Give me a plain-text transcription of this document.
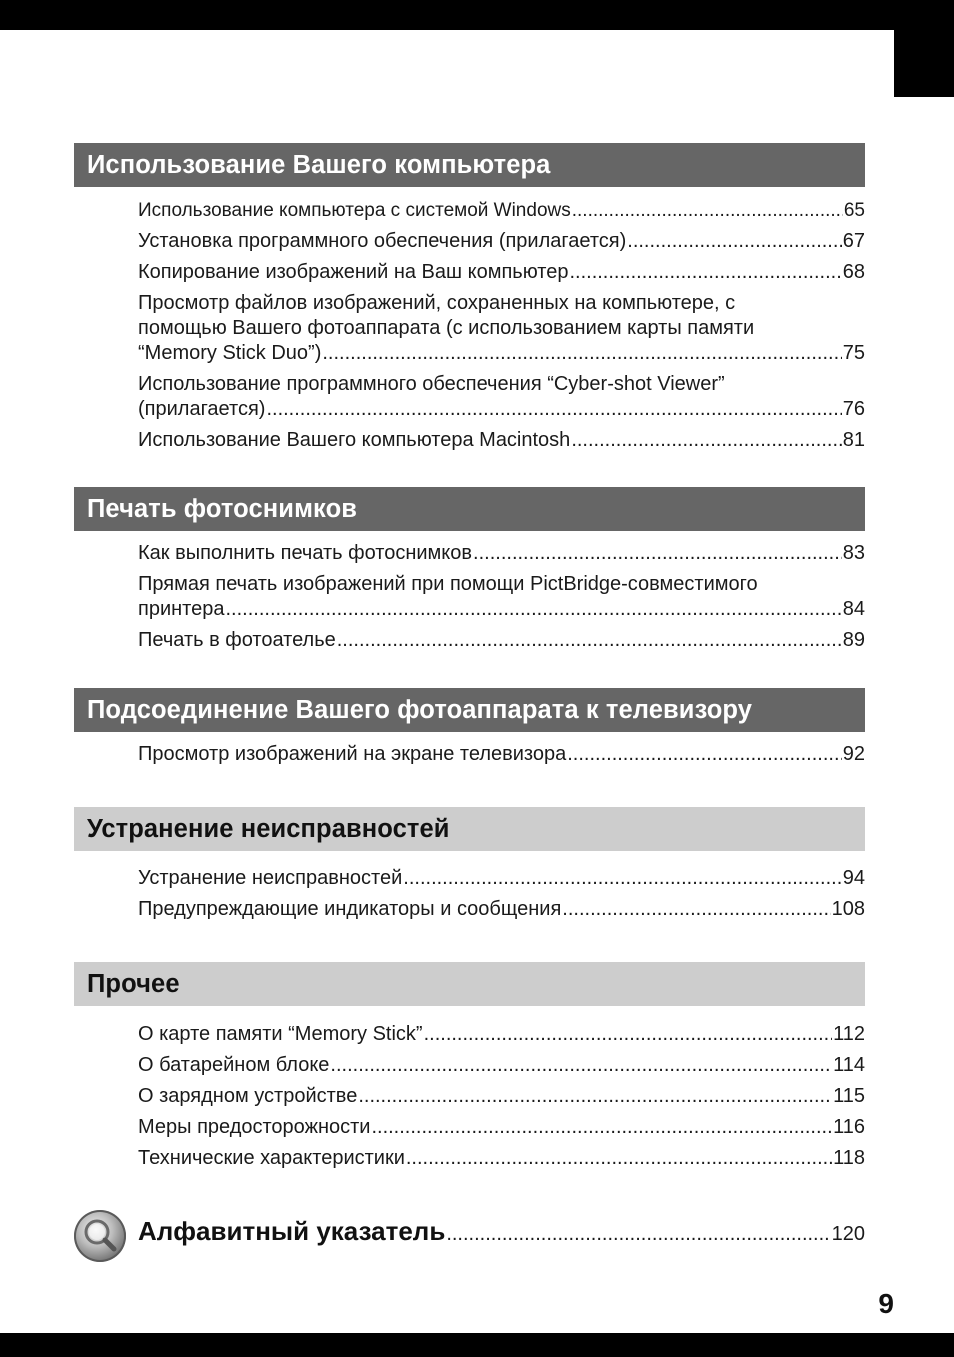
Использование Вашего компьютера
Использование компьютера с системой Windows .....	65
Установка программного обеспечения (прилагается) .....	67
Копирование изображений на Ваш компьютер .....	68
Просмотр файлов изображений, сохраненных на компьютере, с
помощью Вашего фотоаппарата (с использованием карты памяти
“Memory Stick Duo”) .....	75
Использование программного обеспечения “Cyber-shot Viewer”
(прилагается) .....	76
Использование Вашего компьютера Macintosh .....	81
Печать фотоснимков
Как выполнить печать фотоснимков .....	83
Прямая печать изображений при помощи PictBridge-совместимого
принтера .....	84
Печать в фотоателье .....	89
Подсоединение Вашего фотоаппарата к телевизору
Просмотр изображений на экране телевизора .....	92
Устранение неисправностей
Устранение неисправностей .....	94
Предупреждающие индикаторы и сообщения .....	108
Прочее
О карте памяти “Memory Stick” .....	112
О батарейном блоке .....	114
О зарядном устройстве .....	115
Меры предосторожности .....	116
Технические характеристики .....	118
Алфавитный указатель .....	120
9
